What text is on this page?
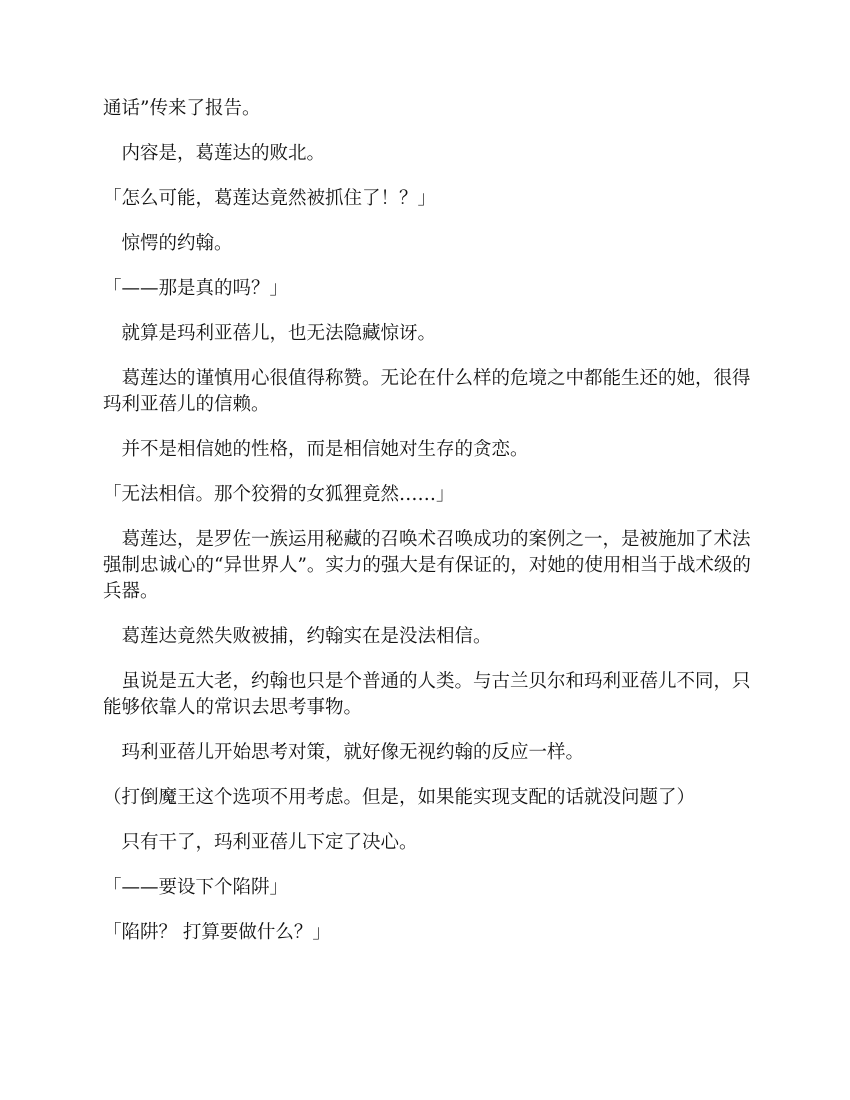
通话”传来了报告。

　内容是，葛莲达的败北。

「怎么可能，葛莲达竟然被抓住了！？」

　惊愕的约翰。

「——那是真的吗？」

　就算是玛利亚蓓儿，也无法隐藏惊讶。

　葛莲达的谨慎用心很值得称赞。无论在什么样的危境之中都能生还的她，很得玛利亚蓓儿的信赖。

　并不是相信她的性格，而是相信她对生存的贪恋。

「无法相信。那个狡猾的女狐狸竟然……」

　葛莲达，是罗佐一族运用秘藏的召唤术召唤成功的案例之一，是被施加了术法强制忠诚心的“异世界人”。实力的强大是有保证的，对她的使用相当于战术级的兵器。

　葛莲达竟然失败被捕，约翰实在是没法相信。

　虽说是五大老，约翰也只是个普通的人类。与古兰贝尔和玛利亚蓓儿不同，只能够依靠人的常识去思考事物。

　玛利亚蓓儿开始思考对策，就好像无视约翰的反应一样。

（打倒魔王这个选项不用考虑。但是，如果能实现支配的话就没问题了）

　只有干了，玛利亚蓓儿下定了决心。

「——要设下个陷阱」

「陷阱？ 打算要做什么？」
